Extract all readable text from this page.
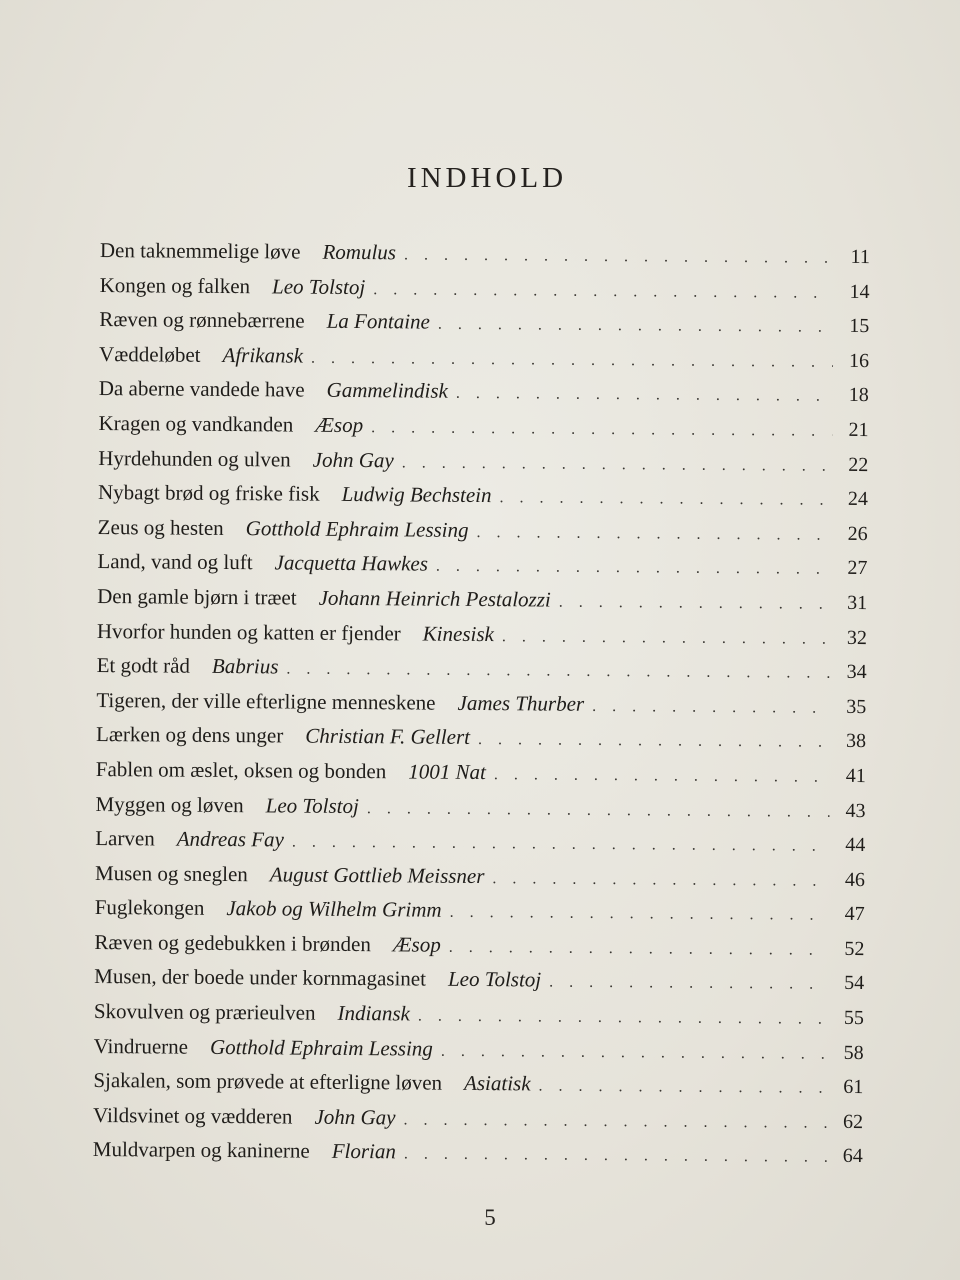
INDHOLD
Den taknemmelige løve Romulus . . .	11
Kongen og falken Leo Tolstoj . . .	14
Ræven og rønnebærrene La Fontaine . . .	15
Væddeløbet Afrikansk . . .	16
Da aberne vandede have Gammelindisk . . .	18
Kragen og vandkanden Æsop . . .	21
Hyrdehunden og ulven John Gay . . .	22
Nybagt brød og friske fisk Ludwig Bechstein . . .	24
Zeus og hesten Gotthold Ephraim Lessing . . .	26
Land, vand og luft Jacquetta Hawkes . . .	27
Den gamle bjørn i træet Johann Heinrich Pestalozzi . . .	31
Hvorfor hunden og katten er fjender Kinesisk . . .	32
Et godt råd Babrius . . .	34
Tigeren, der ville efterligne menneskene James Thurber . . .	35
Lærken og dens unger Christian F. Gellert . . .	38
Fablen om æslet, oksen og bonden 1001 Nat . . .	41
Myggen og løven Leo Tolstoj . . .	43
Larven Andreas Fay . . .	44
Musen og sneglen August Gottlieb Meissner . . .	46
Fuglekongen Jakob og Wilhelm Grimm . . .	47
Ræven og gedebukken i brønden Æsop . . .	52
Musen, der boede under kornmagasinet Leo Tolstoj . . .	54
Skovulven og prærieulven Indiansk . . .	55
Vindruerne Gotthold Ephraim Lessing . . .	58
Sjakalen, som prøvede at efterligne løven Asiatisk . . .	61
Vildsvinet og vædderen John Gay . . .	62
Muldvarpen og kaninerne Florian . . .	64
5
